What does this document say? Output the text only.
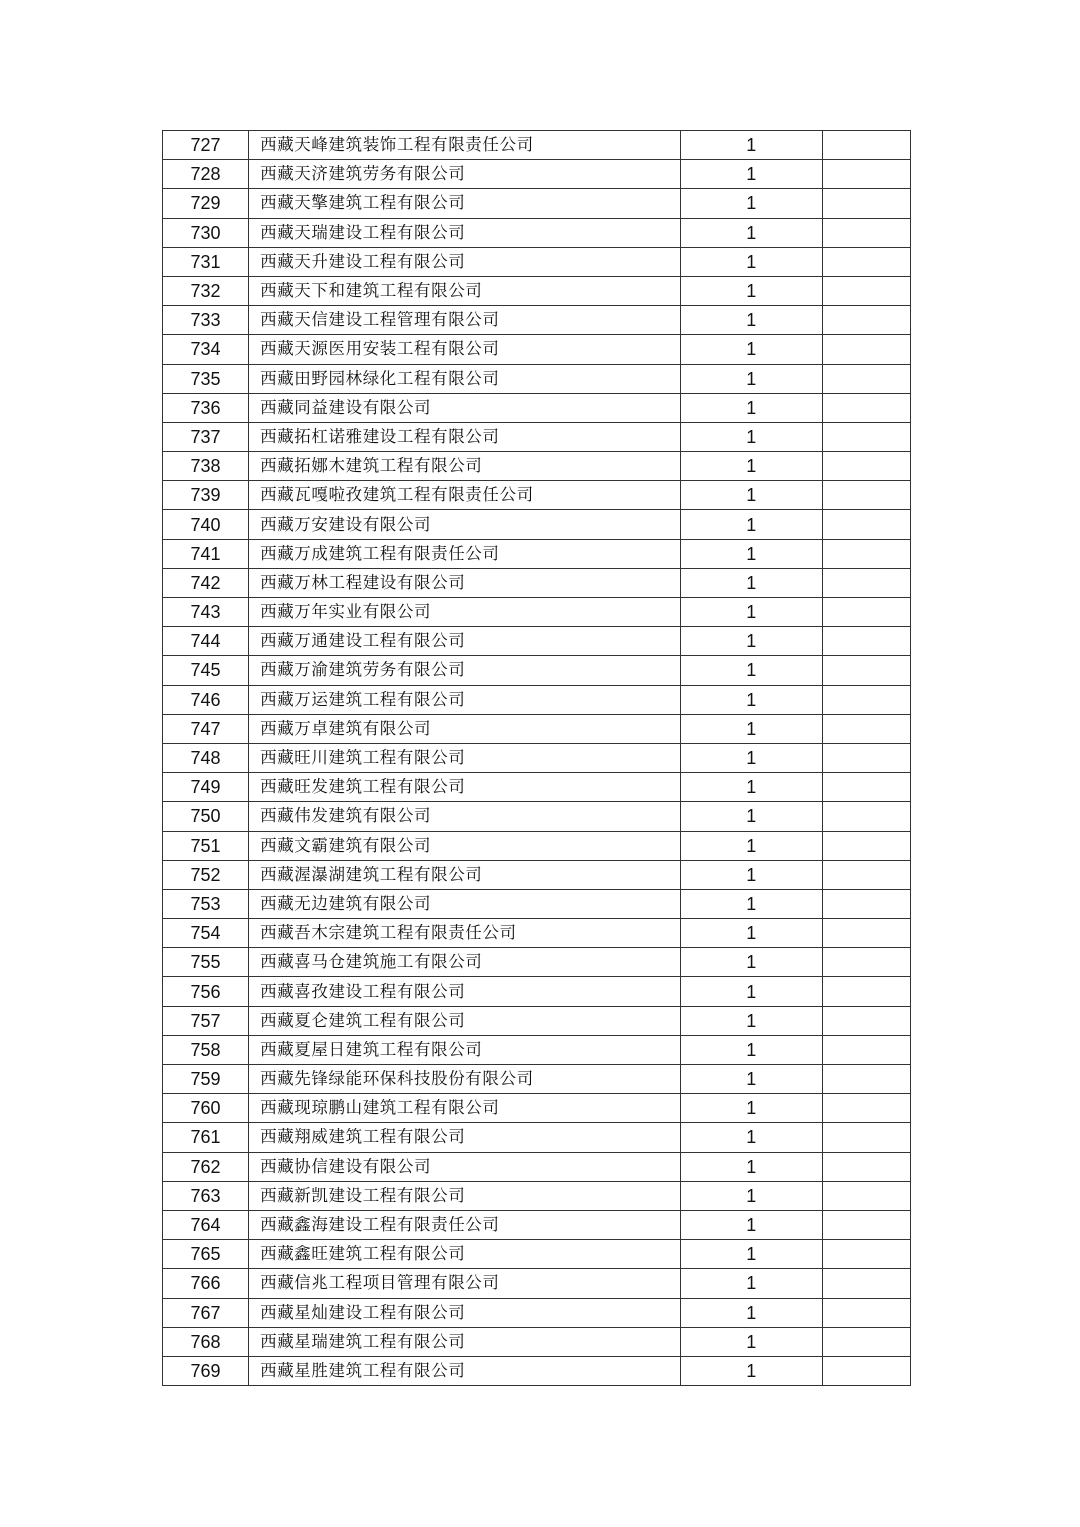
727	西藏天峰建筑装饰工程有限责任公司	1	
728	西藏天济建筑劳务有限公司	1	
729	西藏天擎建筑工程有限公司	1	
730	西藏天瑞建设工程有限公司	1	
731	西藏天升建设工程有限公司	1	
732	西藏天下和建筑工程有限公司	1	
733	西藏天信建设工程管理有限公司	1	
734	西藏天源医用安装工程有限公司	1	
735	西藏田野园林绿化工程有限公司	1	
736	西藏同益建设有限公司	1	
737	西藏拓杠诺雅建设工程有限公司	1	
738	西藏拓娜木建筑工程有限公司	1	
739	西藏瓦嘎啦孜建筑工程有限责任公司	1	
740	西藏万安建设有限公司	1	
741	西藏万成建筑工程有限责任公司	1	
742	西藏万林工程建设有限公司	1	
743	西藏万年实业有限公司	1	
744	西藏万通建设工程有限公司	1	
745	西藏万渝建筑劳务有限公司	1	
746	西藏万运建筑工程有限公司	1	
747	西藏万卓建筑有限公司	1	
748	西藏旺川建筑工程有限公司	1	
749	西藏旺发建筑工程有限公司	1	
750	西藏伟发建筑有限公司	1	
751	西藏文霸建筑有限公司	1	
752	西藏渥瀑湖建筑工程有限公司	1	
753	西藏无边建筑有限公司	1	
754	西藏吾木宗建筑工程有限责任公司	1	
755	西藏喜马仓建筑施工有限公司	1	
756	西藏喜孜建设工程有限公司	1	
757	西藏夏仑建筑工程有限公司	1	
758	西藏夏屋日建筑工程有限公司	1	
759	西藏先锋绿能环保科技股份有限公司	1	
760	西藏现琼鹏山建筑工程有限公司	1	
761	西藏翔威建筑工程有限公司	1	
762	西藏协信建设有限公司	1	
763	西藏新凯建设工程有限公司	1	
764	西藏鑫海建设工程有限责任公司	1	
765	西藏鑫旺建筑工程有限公司	1	
766	西藏信兆工程项目管理有限公司	1	
767	西藏星灿建设工程有限公司	1	
768	西藏星瑞建筑工程有限公司	1	
769	西藏星胜建筑工程有限公司	1	
